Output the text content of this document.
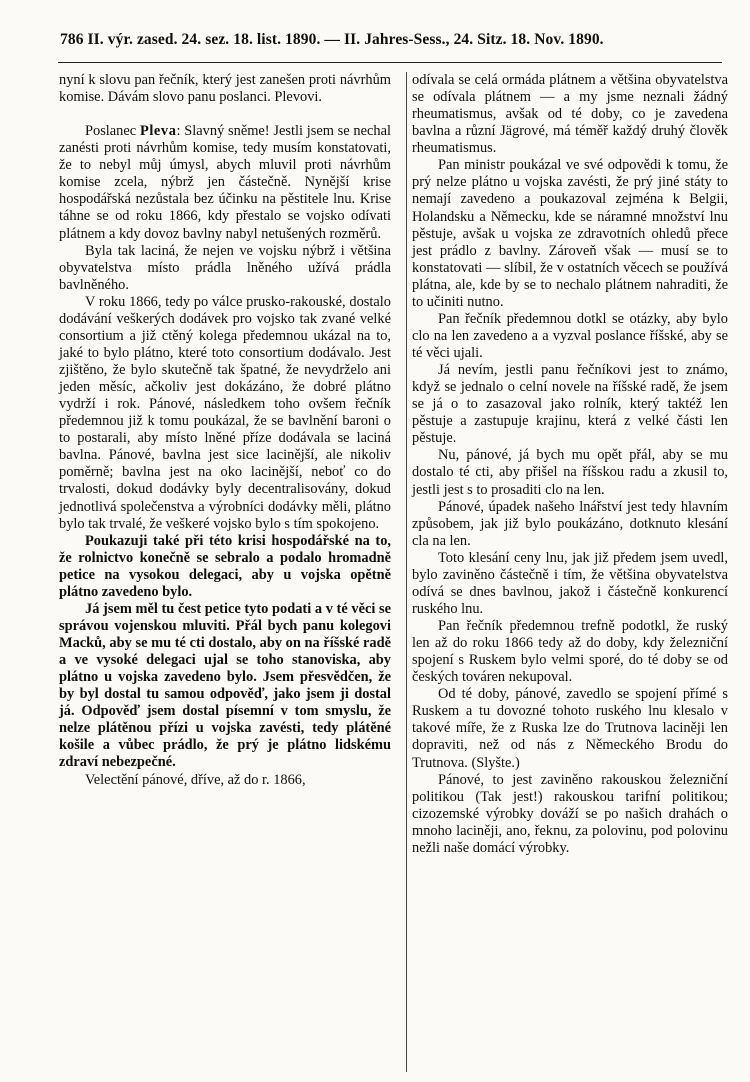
786 II. výr. zased. 24. sez. 18. list. 1890. — II. Jahres-Sess., 24. Sitz. 18. Nov. 1890.

nyní k slovu pan řečník, který jest zanešen proti návrhům komise. Dávám slovo panu poslanci. Plevovi.

Poslanec Pleva: Slavný sněme! Jestli jsem se nechal zanésti proti návrhům komise, tedy musím konstatovati, že to nebyl můj úmysl, abych mluvil proti návrhům komise zcela, nýbrž jen částečně. Nynější krise hospodářská nezůstala bez účinku na pěstitele lnu. Krise táhne se od roku 1866, kdy přestalo se vojsko odívati plátnem a kdy dovoz bavlny nabyl netušených rozměrů.

Byla tak laciná, že nejen ve vojsku nýbrž i většina obyvatelstva místo prádla lněného užívá prádla bavlněného.

V roku 1866, tedy po válce prusko-rakouské, dostalo dodávání veškerých dodávek pro vojsko tak zvané velké consortium a již ctěný kolega předemnou ukázal na to, jaké to bylo plátno, které toto consortium dodávalo. Jest zjištěno, že bylo skutečně tak špatné, že nevydrželo ani jeden měsíc, ačkoliv jest dokázáno, že dobré plátno vydrží i rok. Pánové, následkem toho ovšem řečník předemnou již k tomu poukázal, že se bavlnění baroni o to postarali, aby místo lněné příze dodávala se laciná bavlna. Pánové, bavlna jest sice lacinější, ale nikoliv poměrně; bavlna jest na oko lacinější, neboť co do trvalosti, dokud dodávky byly decentralisovány, dokud jednotlivá společenstva a výrobníci dodávky měli, plátno bylo tak trvalé, že veškeré vojsko bylo s tím spokojeno.

Poukazuji také při této krisi hospodářské na to, že rolnictvo konečně se sebralo a podalo hromadně petice na vysokou delegaci, aby u vojska opětně plátno zavedeno bylo.

Já jsem měl tu čest petice tyto podati a v té věci se správou vojenskou mluviti. Přál bych panu kolegovi Macků, aby se mu té cti dostalo, aby on na říšské radě a ve vysoké delegaci ujal se toho stanoviska, aby plátno u vojska zavedeno bylo. Jsem přesvědčen, že by byl dostal tu samou odpověď, jako jsem ji dostal já. Odpověď jsem dostal písemní v tom smyslu, že nelze plátěnou přízi u vojska zavésti, tedy plátěné košile a vůbec prádlo, že prý je plátno lidskému zdraví nebezpečné.

Velectění pánové, dříve, až do r. 1866,

odívala se celá ormáda plátnem a většina obyvatelstva se odívala plátnem — a my jsme neznali žádný rheumatismus, avšak od té doby, co je zavedena bavlna a různí Jägrové, má téměř každý druhý člověk rheumatismus.

Pan ministr poukázal ve své odpovědi k tomu, že prý nelze plátno u vojska zavésti, že prý jiné státy to nemají zavedeno a poukazoval zejména k Belgii, Holandsku a Německu, kde se náramné množství lnu pěstuje, avšak u vojska ze zdravotních ohledů přece jest prádlo z bavlny. Zároveň však — musí se to konstatovati — slíbil, že v ostatních věcech se používá plátna, ale, kde by se to nechalo plátnem nahraditi, že to učiniti nutno.

Pan řečník předemnou dotkl se otázky, aby bylo clo na len zavedeno a a vyzval poslance říšské, aby se té věci ujali.

Já nevím, jestli panu řečníkovi jest to známo, když se jednalo o celní novele na říšské radě, že jsem se já o to zasazoval jako rolník, který taktéž len pěstuje a zastupuje krajinu, která z velké části len pěstuje.

Nu, pánové, já bych mu opět přál, aby se mu dostalo té cti, aby přišel na říšskou radu a zkusil to, jestli jest s to prosaditi clo na len.

Pánové, úpadek našeho lnářství jest tedy hlavním způsobem, jak již bylo poukázáno, dotknuto klesání cla na len.

Toto klesání ceny lnu, jak již předem jsem uvedl, bylo zaviněno částečně i tím, že většina obyvatelstva odívá se dnes bavlnou, jakož i částečně konkurencí ruského lnu.

Pan řečník předemnou trefně podotkl, že ruský len až do roku 1866 tedy až do doby, kdy železniční spojení s Ruskem bylo velmi sporé, do té doby se od českých továren nekupoval.

Od té doby, pánové, zavedlo se spojení přímé s Ruskem a tu dovozné tohoto ruského lnu klesalo v takové míře, že z Ruska lze do Trutnova laciněji len dopraviti, než od nás z Německého Brodu do Trutnova. (Slyšte.)

Pánové, to jest zaviněno rakouskou železniční politikou (Tak jest!) rakouskou tarifní politikou; cizozemské výrobky dováží se po našich drahách o mnoho laciněji, ano, řeknu, za polovinu, pod polovinu nežli naše domácí výrobky.
